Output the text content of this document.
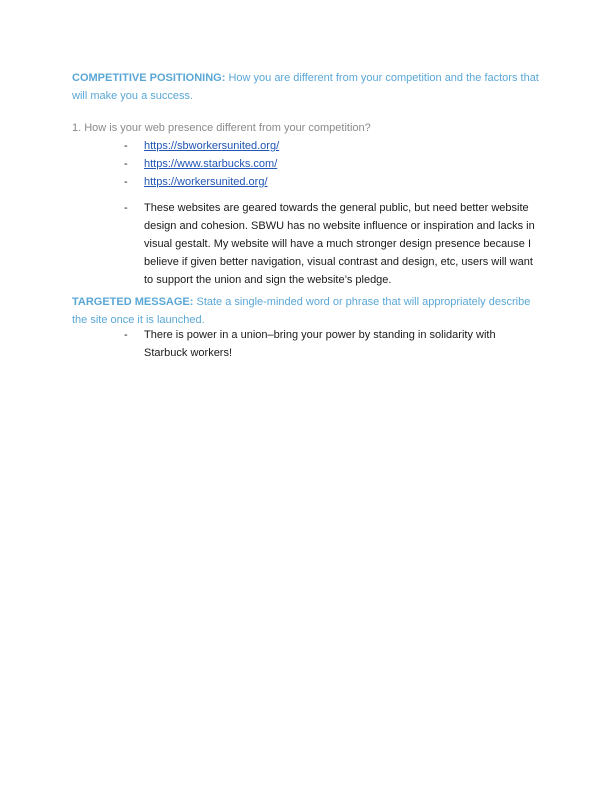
COMPETITIVE POSITIONING: How you are different from your competition and the factors that will make you a success.
1. How is your web presence different from your competition?
- https://sbworkersunited.org/
- https://www.starbucks.com/
- https://workersunited.org/
- These websites are geared towards the general public, but need better website design and cohesion. SBWU has no website influence or inspiration and lacks in visual gestalt. My website will have a much stronger design presence because I believe if given better navigation, visual contrast and design, etc, users will want to support the union and sign the website’s pledge.
TARGETED MESSAGE: State a single-minded word or phrase that will appropriately describe the site once it is launched.
- There is power in a union–bring your power by standing in solidarity with Starbuck workers!
